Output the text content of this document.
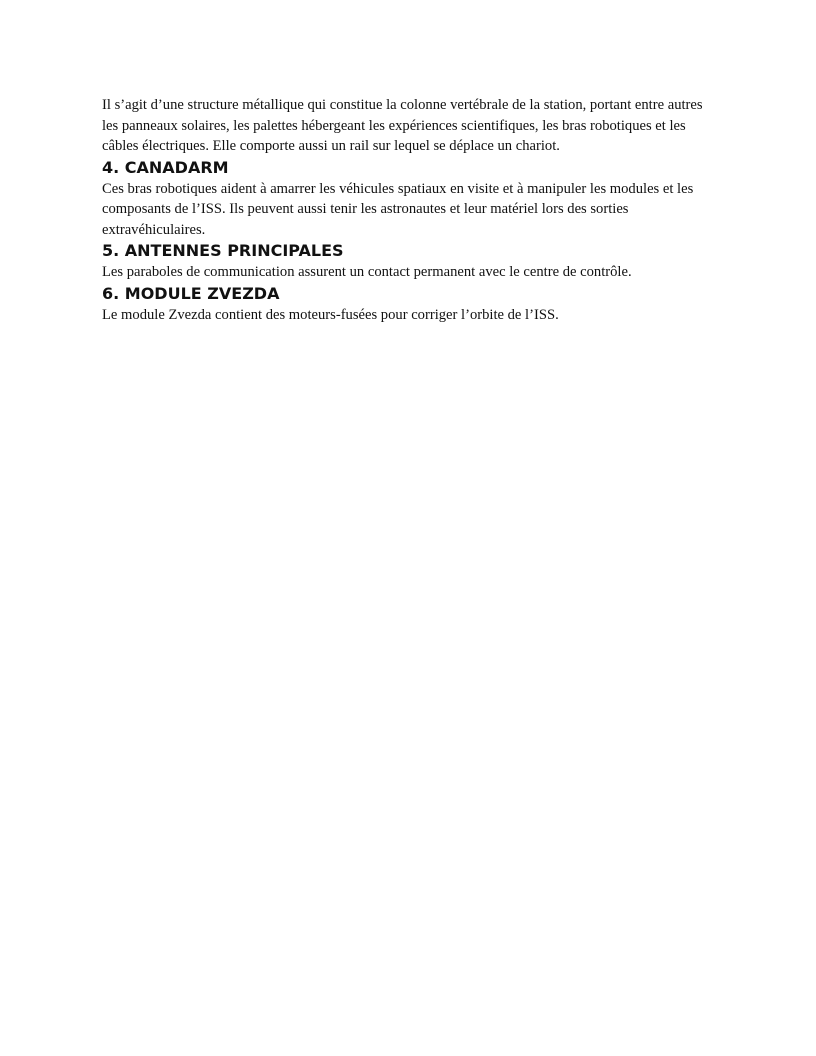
Il s’agit d’une structure métallique qui constitue la colonne vertébrale de la station, portant entre autres les panneaux solaires, les palettes hébergeant les expériences scientifiques, les bras robotiques et les câbles électriques. Elle comporte aussi un rail sur lequel se déplace un chariot.

4. CANADARM

Ces bras robotiques aident à amarrer les véhicules spatiaux en visite et à manipuler les modules et les composants de l’ISS. Ils peuvent aussi tenir les astronautes et leur matériel lors des sorties extravéhiculaires.

5. ANTENNES PRINCIPALES

Les paraboles de communication assurent un contact permanent avec le centre de contrôle.

6. MODULE ZVEZDA

Le module Zvezda contient des moteurs-fusées pour corriger l’orbite de l’ISS.
